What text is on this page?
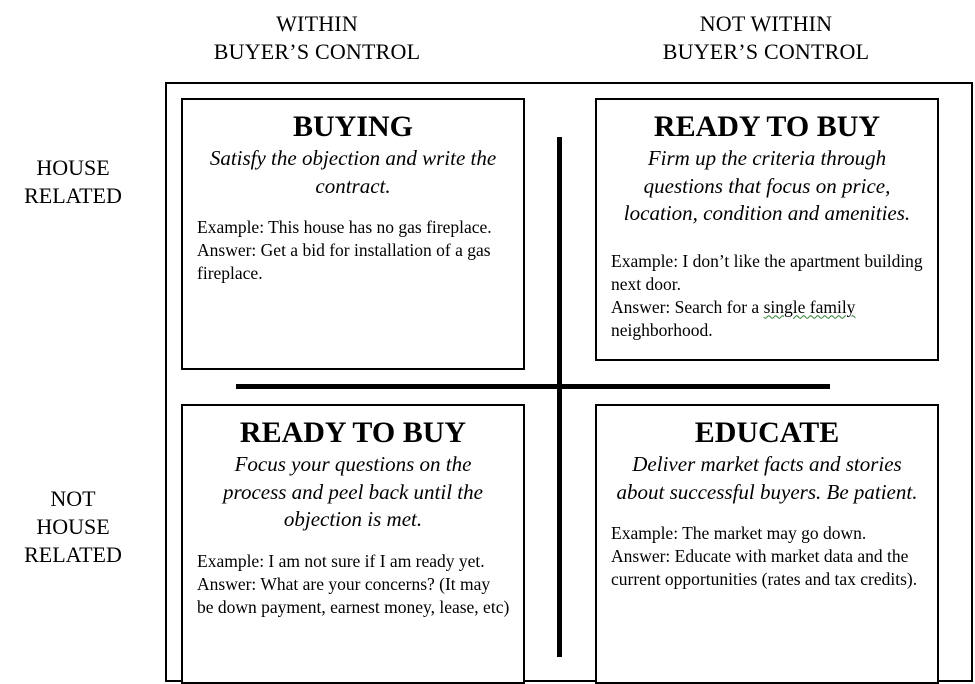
WITHIN
BUYER’S CONTROL
NOT WITHIN
BUYER’S CONTROL
HOUSE
RELATED
NOT
HOUSE
RELATED
BUYING
Satisfy the objection and write the contract.
Example: This house has no gas fireplace.
Answer: Get a bid for installation of a gas fireplace.
READY TO BUY
Firm up the criteria through questions that focus on price, location, condition and amenities.
Example: I don’t like the apartment building next door.
Answer: Search for a single family neighborhood.
READY TO BUY
Focus your questions on the process and peel back until the objection is met.
Example: I am not sure if I am ready yet.
Answer: What are your concerns? (It may be down payment, earnest money, lease, etc)
EDUCATE
Deliver market facts and stories about successful buyers. Be patient.
Example: The market may go down.
Answer: Educate with market data and the current opportunities (rates and tax credits).
